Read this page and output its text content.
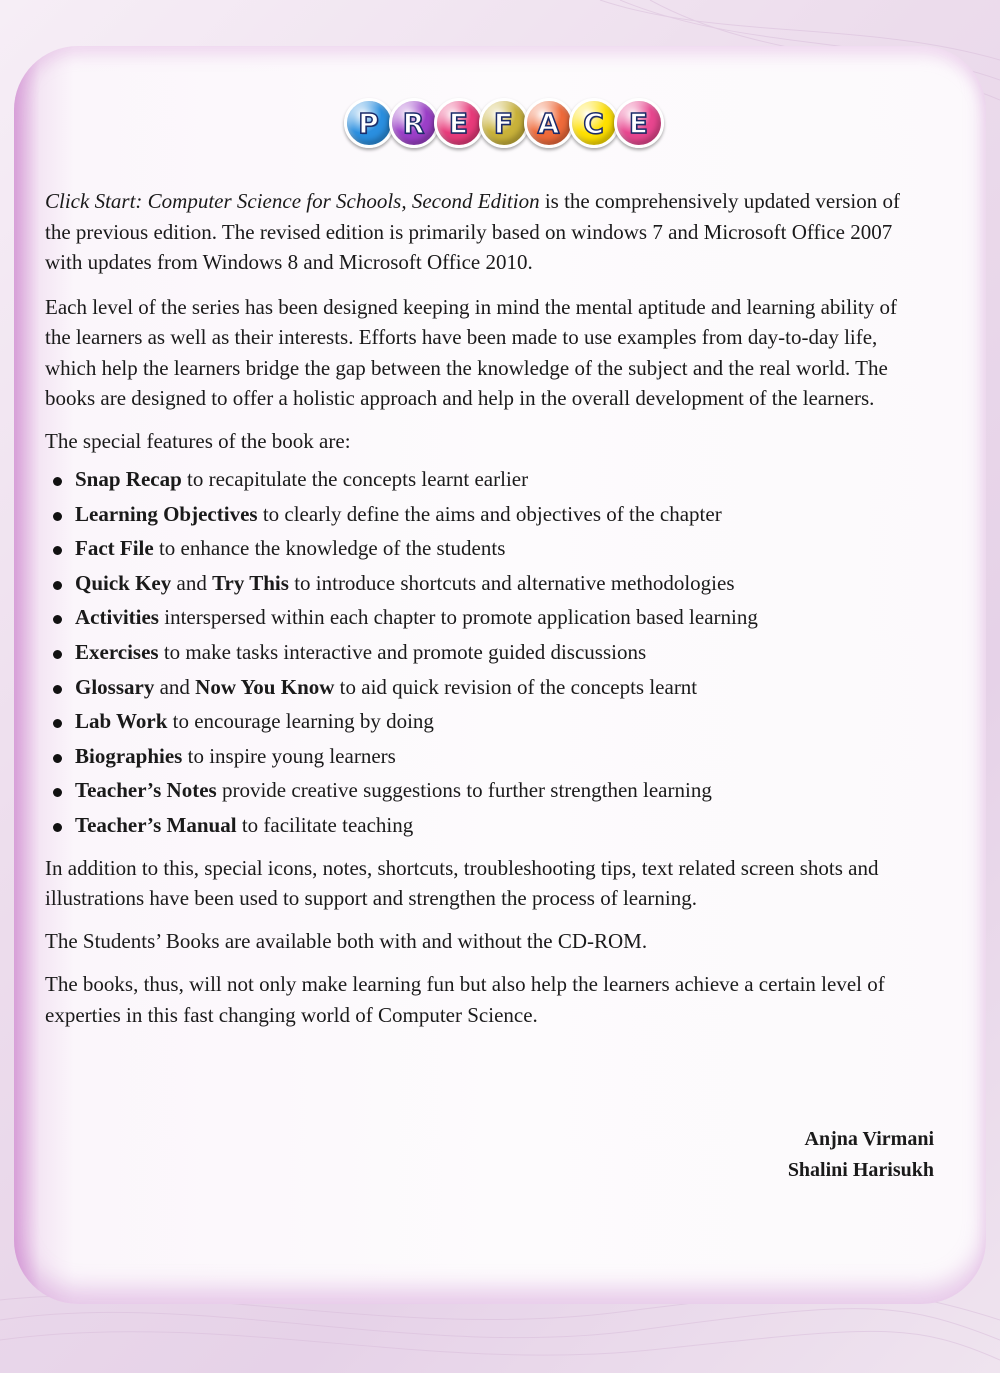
P R E F A C E

Click Start: Computer Science for Schools, Second Edition is the comprehensively updated version of the previous edition. The revised edition is primarily based on windows 7 and Microsoft Office 2007 with updates from Windows 8 and Microsoft Office 2010.

Each level of the series has been designed keeping in mind the mental aptitude and learning ability of the learners as well as their interests. Efforts have been made to use examples from day-to-day life, which help the learners bridge the gap between the knowledge of the subject and the real world. The books are designed to offer a holistic approach and help in the overall development of the learners.

The special features of the book are:

Snap Recap to recapitulate the concepts learnt earlier
Learning Objectives to clearly define the aims and objectives of the chapter
Fact File to enhance the knowledge of the students
Quick Key and Try This to introduce shortcuts and alternative methodologies
Activities interspersed within each chapter to promote application based learning
Exercises to make tasks interactive and promote guided discussions
Glossary and Now You Know to aid quick revision of the concepts learnt
Lab Work to encourage learning by doing
Biographies to inspire young learners
Teacher’s Notes provide creative suggestions to further strengthen learning
Teacher’s Manual to facilitate teaching

In addition to this, special icons, notes, shortcuts, troubleshooting tips, text related screen shots and illustrations have been used to support and strengthen the process of learning.

The Students’ Books are available both with and without the CD-ROM.

The books, thus, will not only make learning fun but also help the learners achieve a certain level of experties in this fast changing world of Computer Science.

Anjna Virmani
Shalini Harisukh
